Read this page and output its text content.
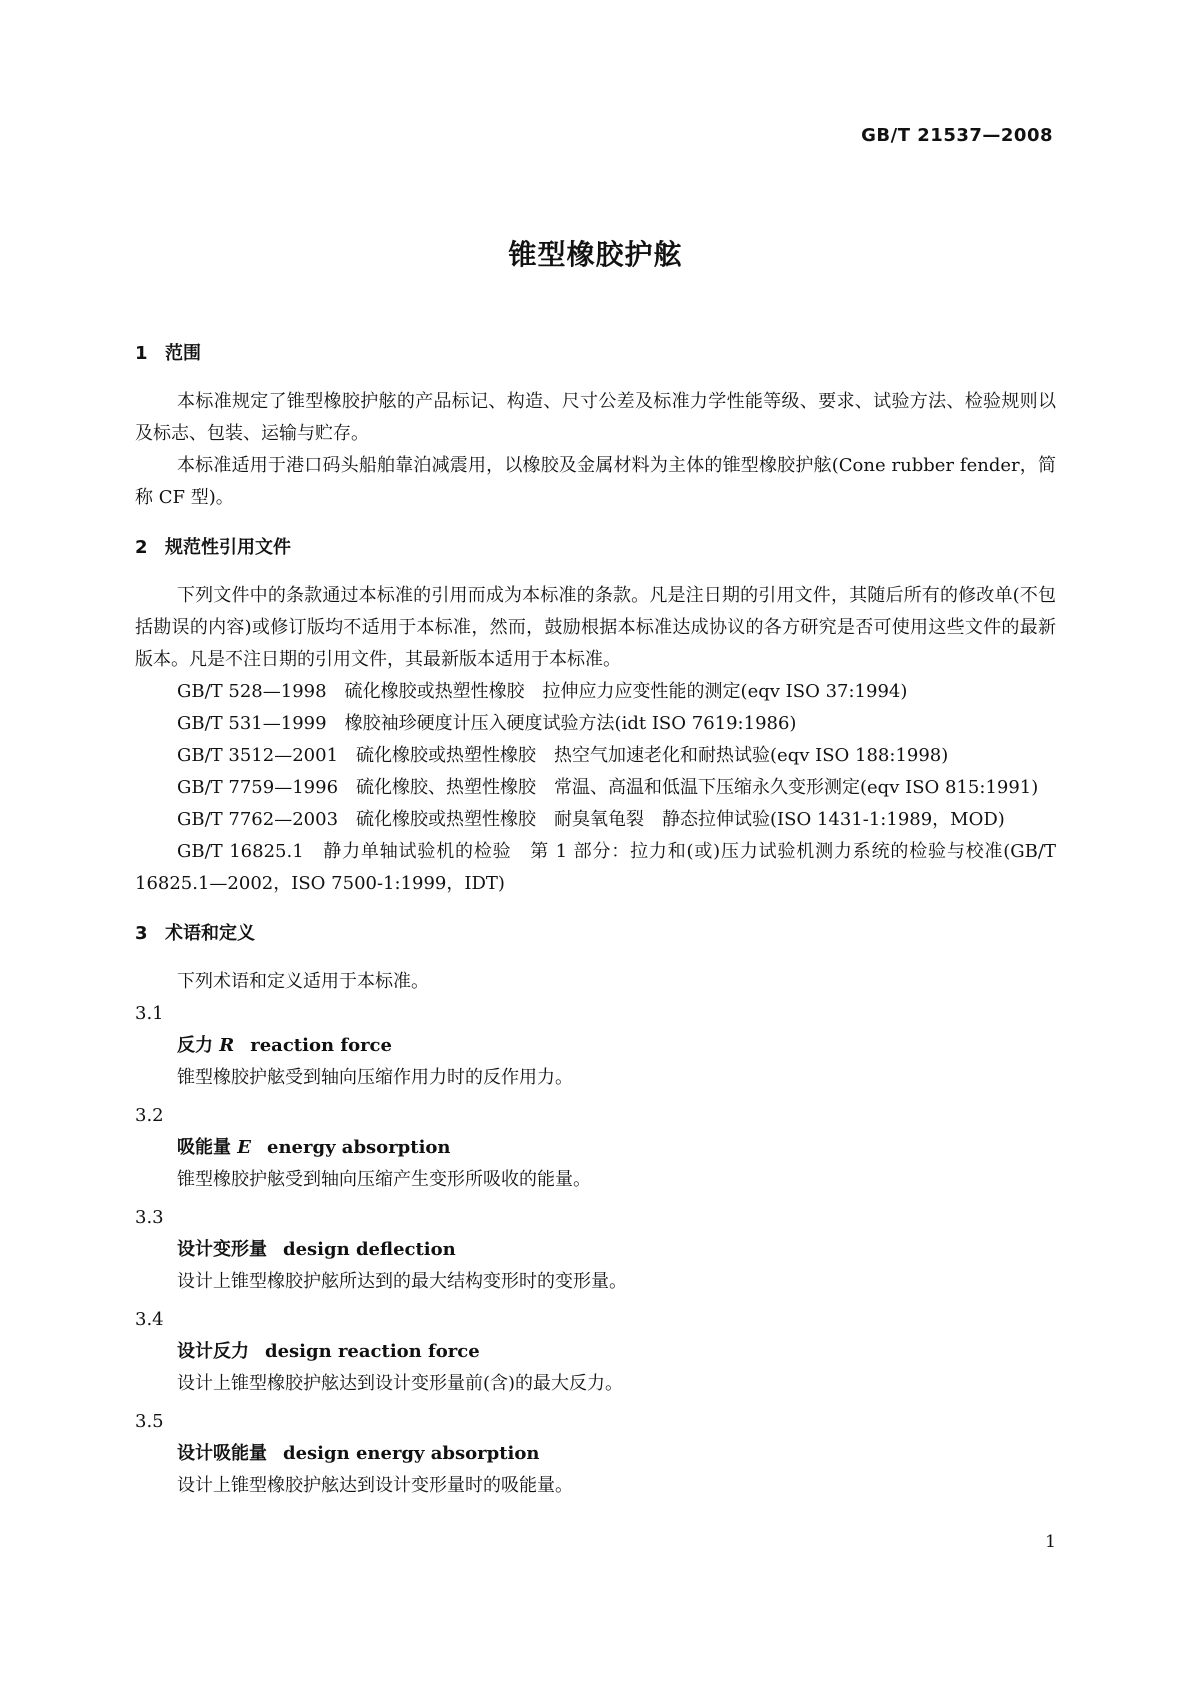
GB/T 21537—2008
锥型橡胶护舷
1 范围

本标准规定了锥型橡胶护舷的产品标记、构造、尺寸公差及标准力学性能等级、要求、试验方法、检验规则以及标志、包装、运输与贮存。

本标准适用于港口码头船舶靠泊减震用，以橡胶及金属材料为主体的锥型橡胶护舷(Cone rubber fender，简称 CF 型)。

2 规范性引用文件

下列文件中的条款通过本标准的引用而成为本标准的条款。凡是注日期的引用文件，其随后所有的修改单(不包括勘误的内容)或修订版均不适用于本标准，然而，鼓励根据本标准达成协议的各方研究是否可使用这些文件的最新版本。凡是不注日期的引用文件，其最新版本适用于本标准。

GB/T 528—1998　硫化橡胶或热塑性橡胶　拉伸应力应变性能的测定(eqv ISO 37:1994)

GB/T 531—1999　橡胶袖珍硬度计压入硬度试验方法(idt ISO 7619:1986)

GB/T 3512—2001　硫化橡胶或热塑性橡胶　热空气加速老化和耐热试验(eqv ISO 188:1998)

GB/T 7759—1996　硫化橡胶、热塑性橡胶　常温、高温和低温下压缩永久变形测定(eqv ISO 815:1991)

GB/T 7762—2003　硫化橡胶或热塑性橡胶　耐臭氧龟裂　静态拉伸试验(ISO 1431-1:1989，MOD)

GB/T 16825.1　静力单轴试验机的检验　第 1 部分：拉力和(或)压力试验机测力系统的检验与校准(GB/T 16825.1—2002，ISO 7500-1:1999，IDT)

3 术语和定义

下列术语和定义适用于本标准。

3.1

反力 R reaction force

锥型橡胶护舷受到轴向压缩作用力时的反作用力。

3.2

吸能量 E energy absorption

锥型橡胶护舷受到轴向压缩产生变形所吸收的能量。

3.3

设计变形量 design deflection

设计上锥型橡胶护舷所达到的最大结构变形时的变形量。

3.4

设计反力 design reaction force

设计上锥型橡胶护舷达到设计变形量前(含)的最大反力。

3.5

设计吸能量 design energy absorption

设计上锥型橡胶护舷达到设计变形量时的吸能量。

1
